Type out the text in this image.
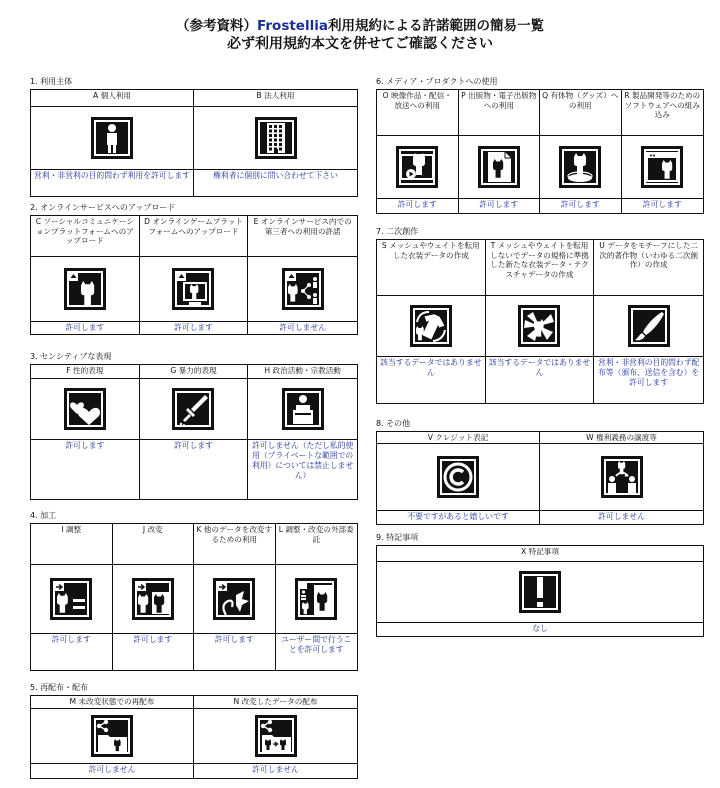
（参考資料）Frostellia利用規約による許諾範囲の簡易一覧
必ず利用規約本文を併せてご確認ください
1. 利用主体
A 個人利用
営利・非営利の目的問わず利用を許可します
B 法人利用
権利者に個別に問い合わせて下さい
2. オンラインサービスへのアップロード
C ソーシャルコミュニケーションプラットフォームへのアップロード
許可します
D オンラインゲームプラットフォームへのアップロード
許可します
E オンラインサービス内での第三者への利用の許諾
許可しません
3. センシティブな表現
F 性的表現
許可します
G 暴力的表現
許可します
H 政治活動・宗教活動
許可しません（ただし私的使用（プライベートな範囲での利用）については禁止しません）
4. 加工
I 調整
許可します
J 改変
許可します
K 他のデータを改変するための利用
許可します
L 調整・改変の外部委託
ユーザー間で行うことを許可します
5. 再配布・配布
M 未改変状態での再配布
許可しません
N 改変したデータの配布
許可しません
6. メディア・プロダクトへの使用
O 映像作品・配信・放送への利用
許可します
P 出版物・電子出版物への利用
許可します
Q 有体物（グッズ）への利用
許可します
R 製品開発等のためのソフトウェアへの組み込み
許可します
7. 二次創作
S メッシュやウェイトを転用した衣装データの作成
該当するデータではありません
T メッシュやウェイトを転用しないでデータの規格に準拠した新たな衣装データ・テクスチャデータの作成
該当するデータではありません
U データをモチーフにした二次的著作物（いわゆる二次創作）の作成
営利・非営利の目的問わず配布等（頒布、送信を含む）を許可します
8. その他
V クレジット表記
不要ですがあると嬉しいです
W 権利義務の譲渡等
許可しません
9. 特記事項
X 特記事項
なし
